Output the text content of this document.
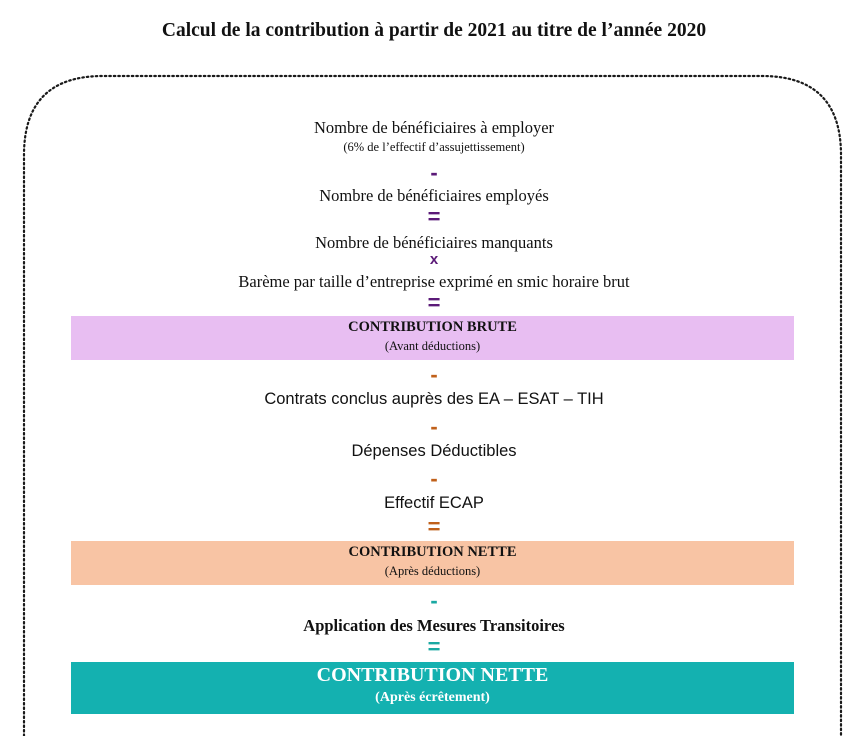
Calcul de la contribution à partir de 2021 au titre de l’année 2020
Nombre de bénéficiaires à employer
(6% de l’effectif d’assujettissement)
-
Nombre de bénéficiaires employés
=
Nombre de bénéficiaires manquants
x
Barème par taille d’entreprise exprimé en smic horaire brut
=
CONTRIBUTION BRUTE
(Avant déductions)
-
Contrats conclus auprès des EA – ESAT – TIH
-
Dépenses Déductibles
-
Effectif ECAP
=
CONTRIBUTION NETTE
(Après déductions)
-
Application des Mesures Transitoires
=
CONTRIBUTION NETTE
(Après écrêtement)
